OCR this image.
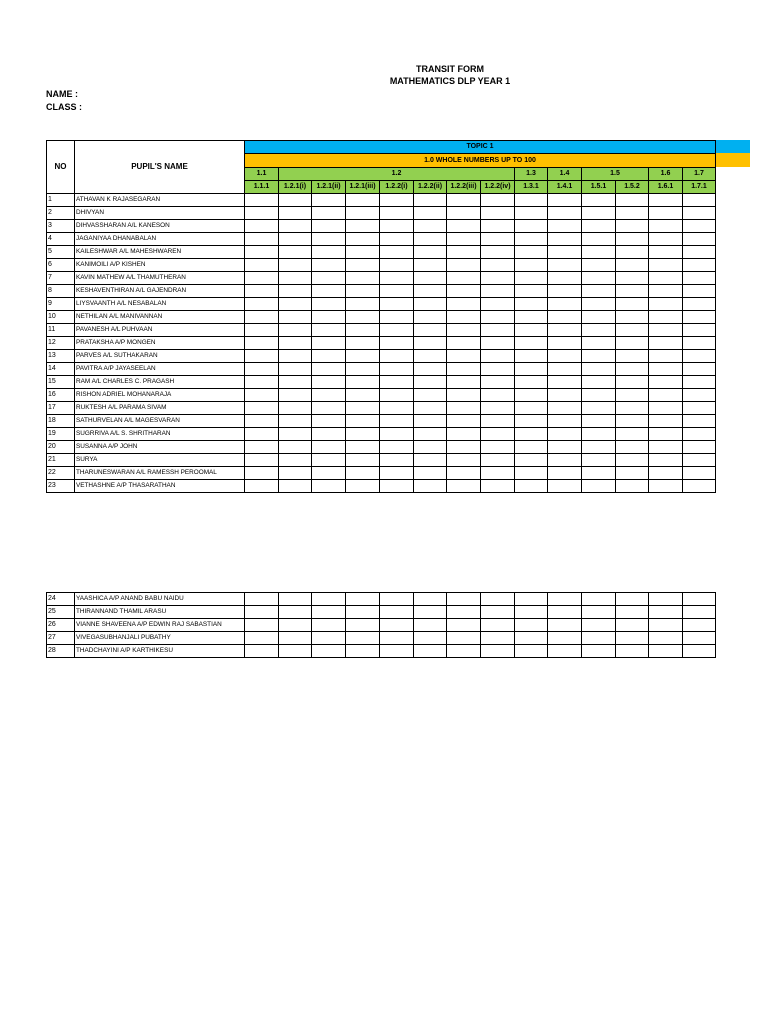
TRANSIT FORM
MATHEMATICS DLP YEAR 1
NAME :
CLASS :
NO	PUPIL'S NAME	TOPIC 1													
		1.0 WHOLE NUMBERS UP TO 100													
		1.1	1.2							1.3	1.4	1.5		1.6	1.7
		1.1.1	1.2.1(i)	1.2.1(ii)	1.2.1(iii)	1.2.2(i)	1.2.2(ii)	1.2.2(iii)	1.2.2(iv)	1.3.1	1.4.1	1.5.1	1.5.2	1.6.1	1.7.1
1	ATHAVAN K RAJASEGARAN														
2	DHIVYAN														
3	DIHVASSHARAN A/L KANESON														
4	JAGANIYAA DHANABALAN														
5	KAILESHWAR A/L MAHESHWAREN														
6	KANIMOILI A/P KISHEN														
7	KAVIN MATHEW A/L THAMUTHERAN														
8	KESHAVENTHIRAN A/L GAJENDRAN														
9	LIYSVAANTH A/L NESABALAN														
10	NETHILAN A/L MANIVANNAN														
11	PAVANESH A/L PUHVAAN														
12	PRATAKSHA A/P MONGEN														
13	PARVES A/L SUTHAKARAN														
14	PAVITRA A/P JAYASEELAN														
15	RAM A/L CHARLES C. PRAGASH														
16	RISHON ADRIEL MOHANARAJA														
17	RUKTESH A/L PARAMA SIVAM														
18	SATHURVELAN A/L MAGESVARAN														
19	SUGRRIVA A/L S. SHRITHARAN														
20	SUSANNA A/P JOHN														
21	SURYA														
22	THARUNESWARAN A/L RAMESSH PEROOMAL														
23	VETHASHNE A/P THASARATHAN														
24	YAASHICA A/P ANAND BABU NAIDU														
25	THIRANNAND THAMIL ARASU														
26	VIANNE SHAVEENA A/P EDWIN RAJ SABASTIAN														
27	VIVEGASUBHANJALI PUBATHY														
28	THADCHAYINI A/P KARTHIKESU														
